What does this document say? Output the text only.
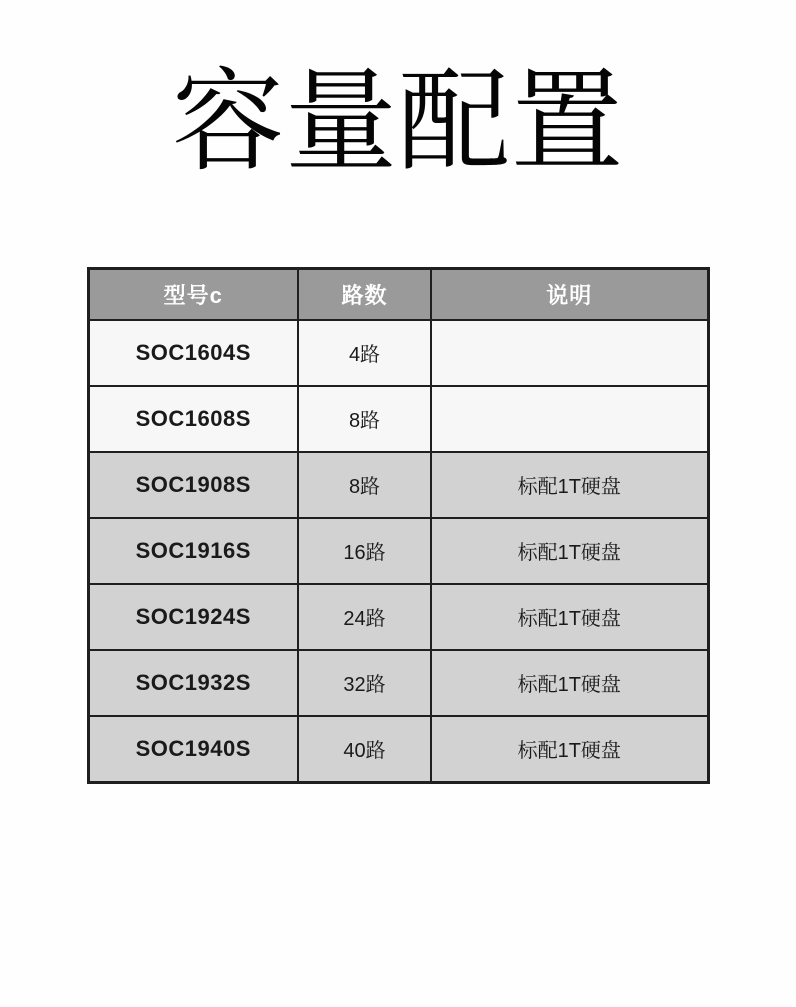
容量配置
型号c	路数	说明
SOC1604S	4路	
SOC1608S	8路	
SOC1908S	8路	标配1T硬盘
SOC1916S	16路	标配1T硬盘
SOC1924S	24路	标配1T硬盘
SOC1932S	32路	标配1T硬盘
SOC1940S	40路	标配1T硬盘
